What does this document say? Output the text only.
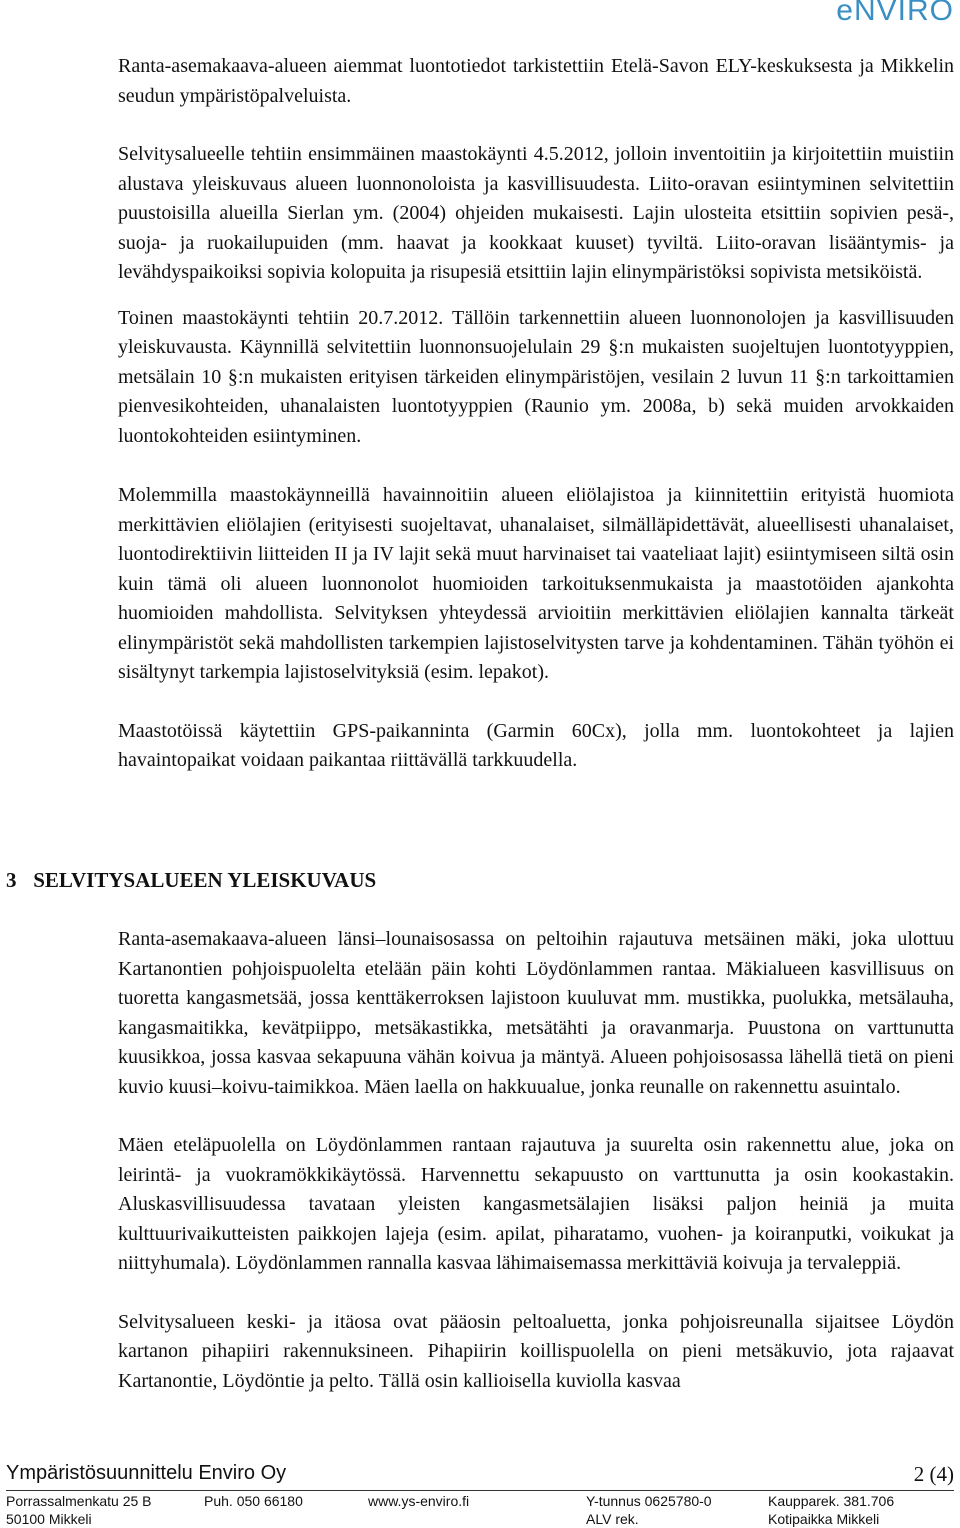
eNVIRO

Ranta-asemakaava-alueen aiemmat luontotiedot tarkistettiin Etelä-Savon ELY-keskuksesta ja Mikkelin seudun ympäristöpalveluista.

Selvitysalueelle tehtiin ensimmäinen maastokäynti 4.5.2012, jolloin inventoitiin ja kirjoitettiin muistiin alustava yleiskuvaus alueen luonnonoloista ja kasvillisuudesta. Liito-oravan esiintyminen selvitettiin puustoisilla alueilla Sierlan ym. (2004) ohjeiden mukaisesti. Lajin ulosteita etsittiin sopivien pesä-, suoja- ja ruokailupuiden (mm. haavat ja kookkaat kuuset) tyviltä. Liito-oravan lisääntymis- ja levähdyspaikoiksi sopivia kolopuita ja risupesiä etsittiin lajin elinympäristöksi sopivista metsiköistä.

Toinen maastokäynti tehtiin 20.7.2012. Tällöin tarkennettiin alueen luonnonolojen ja kasvillisuuden yleiskuvausta. Käynnillä selvitettiin luonnonsuojelulain 29 §:n mukaisten suojeltujen luontotyyppien, metsälain 10 §:n mukaisten erityisen tärkeiden elinympäristöjen, vesilain 2 luvun 11 §:n tarkoittamien pienvesikohteiden, uhanalaisten luontotyyppien (Raunio ym. 2008a, b) sekä muiden arvokkaiden luontokohteiden esiintyminen.

Molemmilla maastokäynneillä havainnoitiin alueen eliölajistoa ja kiinnitettiin erityistä huomiota merkittävien eliölajien (erityisesti suojeltavat, uhanalaiset, silmälläpidettävät, alueellisesti uhanalaiset, luontodirektiivin liitteiden II ja IV lajit sekä muut harvinaiset tai vaateliaat lajit) esiintymiseen siltä osin kuin tämä oli alueen luonnonolot huomioiden tarkoituksenmukaista ja maastotöiden ajankohta huomioiden mahdollista. Selvityksen yhteydessä arvioitiin merkittävien eliölajien kannalta tärkeät elinympäristöt sekä mahdollisten tarkempien lajistoselvitysten tarve ja kohdentaminen. Tähän työhön ei sisältynyt tarkempia lajistoselvityksiä (esim. lepakot).

Maastotöissä käytettiin GPS-paikanninta (Garmin 60Cx), jolla mm. luontokohteet ja lajien havaintopaikat voidaan paikantaa riittävällä tarkkuudella.

3 SELVITYSALUEEN YLEISKUVAUS

Ranta-asemakaava-alueen länsi–lounaisosassa on peltoihin rajautuva metsäinen mäki, joka ulottuu Kartanontien pohjoispuolelta etelään päin kohti Löydönlammen rantaa. Mäkialueen kasvillisuus on tuoretta kangasmetsää, jossa kenttäkerroksen lajistoon kuuluvat mm. mustikka, puolukka, metsälauha, kangasmaitikka, kevätpiippo, metsäkastikka, metsätähti ja oravanmarja. Puustona on varttunutta kuusikkoa, jossa kasvaa sekapuuna vähän koivua ja mäntyä. Alueen pohjoisosassa lähellä tietä on pieni kuvio kuusi–koivu-taimikkoa. Mäen laella on hakkuualue, jonka reunalle on rakennettu asuintalo.

Mäen eteläpuolella on Löydönlammen rantaan rajautuva ja suurelta osin rakennettu alue, joka on leirintä- ja vuokramökkikäytössä. Harvennettu sekapuusto on varttunutta ja osin kookastakin. Aluskasvillisuudessa tavataan yleisten kangasmetsälajien lisäksi paljon heiniä ja muita kulttuurivaikutteisten paikkojen lajeja (esim. apilat, piharatamo, vuohen- ja koiranputki, voikukat ja niittyhumala). Löydönlammen rannalla kasvaa lähimaisemassa merkittäviä koivuja ja tervaleppiä.

Selvitysalueen keski- ja itäosa ovat pääosin peltoaluetta, jonka pohjoisreunalla sijaitsee Löydön kartanon pihapiiri rakennuksineen. Pihapiirin koillispuolella on pieni metsäkuvio, jota rajaavat Kartanontie, Löydöntie ja pelto. Tällä osin kallioisella kuviolla kasvaa

Ympäristösuunnittelu Enviro Oy	2 (4)
Porrassalmenkatu 25 B
50100 Mikkeli
Puh. 050 66180	www.ys-enviro.fi	Y-tunnus 0625780-0
ALV rek.
Kaupparek. 381.706
Kotipaikka Mikkeli
